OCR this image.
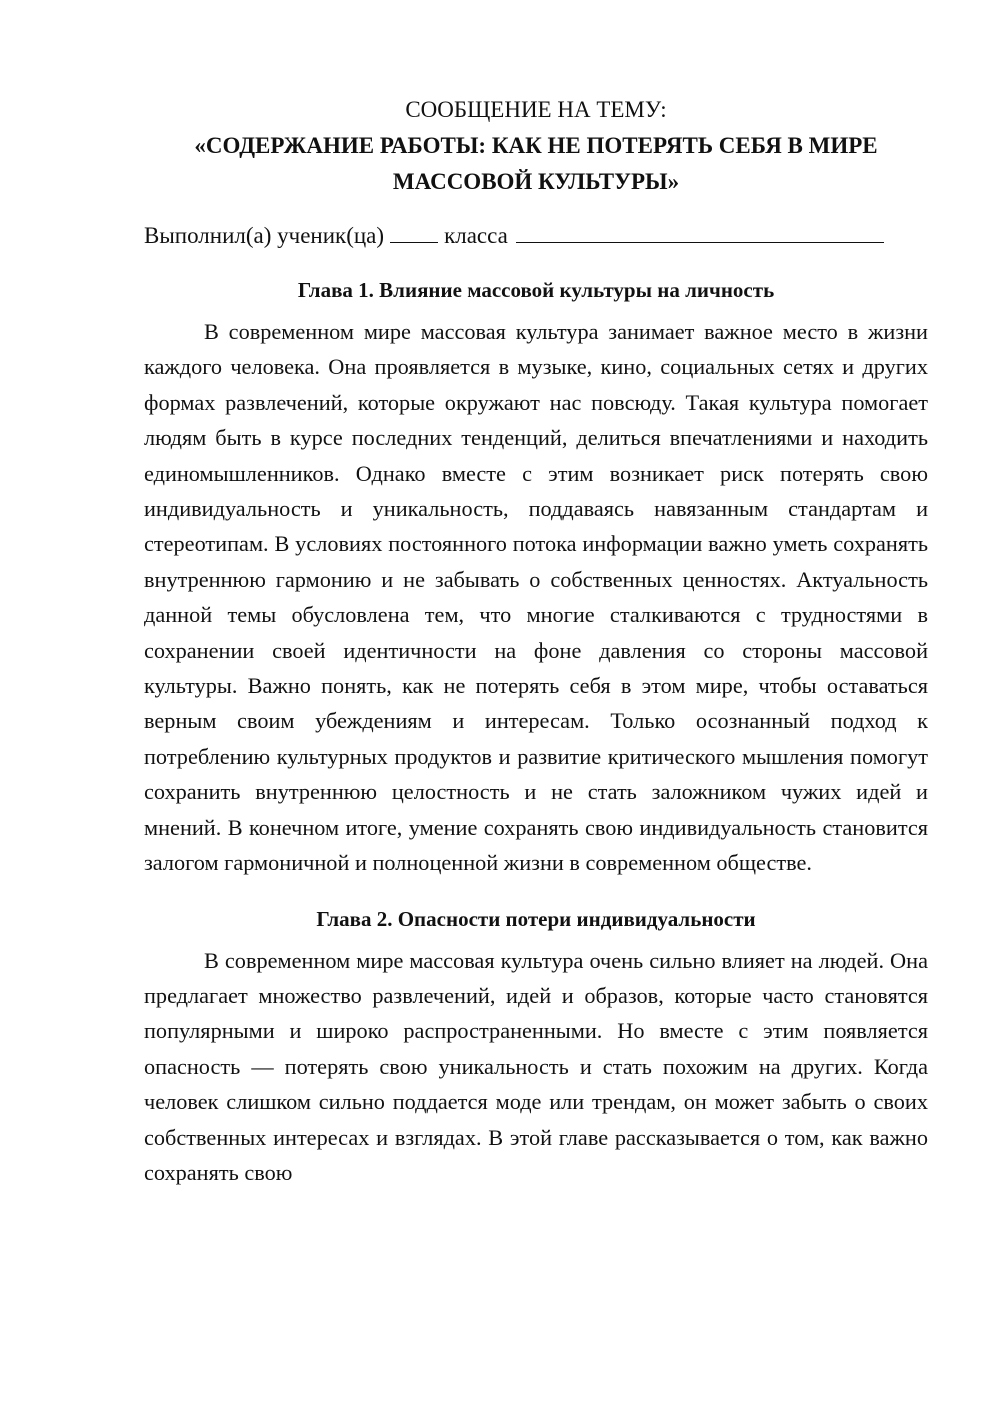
СООБЩЕНИЕ НА ТЕМУ:

«СОДЕРЖАНИЕ РАБОТЫ: КАК НЕ ПОТЕРЯТЬ СЕБЯ В МИРЕ МАССОВОЙ КУЛЬТУРЫ»

Выполнил(а) ученик(ца)	класса

Глава 1. Влияние массовой культуры на личность

В современном мире массовая культура занимает важное место в жизни каждого человека. Она проявляется в музыке, кино, социальных сетях и других формах развлечений, которые окружают нас повсюду. Такая культура помогает людям быть в курсе последних тенденций, делиться впечатлениями и находить единомышленников. Однако вместе с этим возникает риск потерять свою индивидуальность и уникальность, поддаваясь навязанным стандартам и стереотипам. В условиях постоянного потока информации важно уметь сохранять внутреннюю гармонию и не забывать о собственных ценностях. Актуальность данной темы обусловлена тем, что многие сталкиваются с трудностями в сохранении своей идентичности на фоне давления со стороны массовой культуры. Важно понять, как не потерять себя в этом мире, чтобы оставаться верным своим убеждениям и интересам. Только осознанный подход к потреблению культурных продуктов и развитие критического мышления помогут сохранить внутреннюю целостность и не стать заложником чужих идей и мнений. В конечном итоге, умение сохранять свою индивидуальность становится залогом гармоничной и полноценной жизни в современном обществе.

Глава 2. Опасности потери индивидуальности

В современном мире массовая культура очень сильно влияет на людей. Она предлагает множество развлечений, идей и образов, которые часто становятся популярными и широко распространенными. Но вместе с этим появляется опасность — потерять свою уникальность и стать похожим на других. Когда человек слишком сильно поддается моде или трендам, он может забыть о своих собственных интересах и взглядах. В этой главе рассказывается о том, как важно сохранять свою
